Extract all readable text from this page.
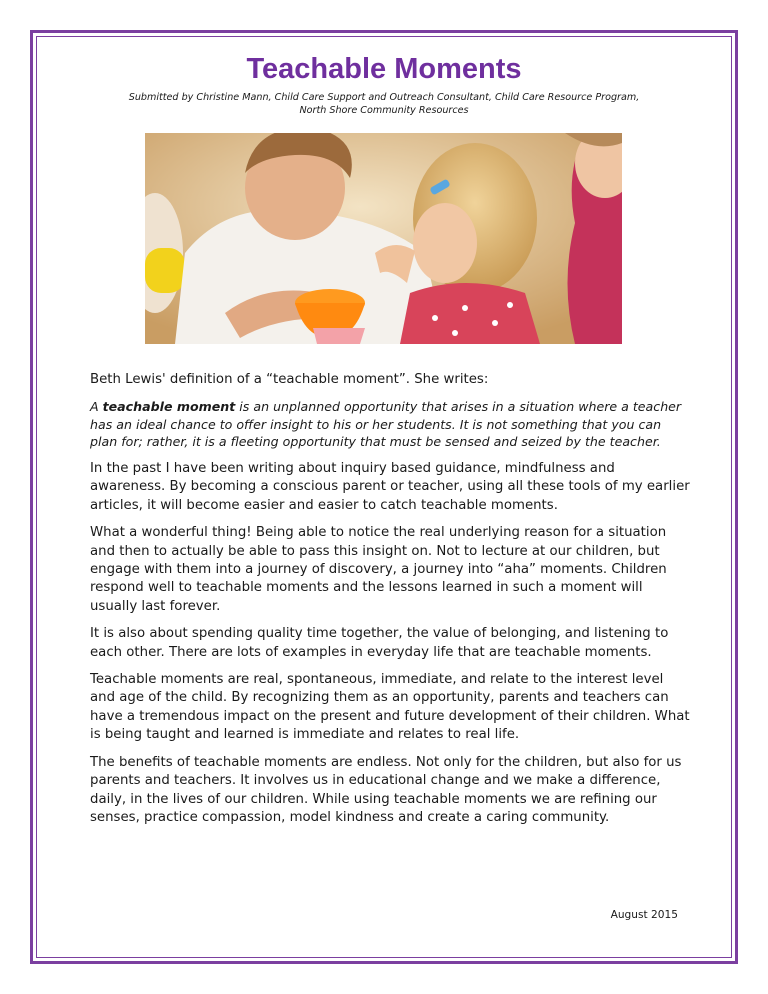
Teachable Moments
Submitted by Christine Mann, Child Care Support and Outreach Consultant, Child Care Resource Program,
North Shore Community Resources

Beth Lewis' definition of a “teachable moment”. She writes:

A teachable moment is an unplanned opportunity that arises in a situation where a teacher has an ideal chance to offer insight to his or her students. It is not something that you can plan for; rather, it is a fleeting opportunity that must be sensed and seized by the teacher.

In the past I have been writing about inquiry based guidance, mindfulness and awareness. By becoming a conscious parent or teacher, using all these tools of my earlier articles, it will become easier and easier to catch teachable moments.

What a wonderful thing! Being able to notice the real underlying reason for a situation and then to actually be able to pass this insight on. Not to lecture at our children, but engage with them into a journey of discovery, a journey into “aha” moments. Children respond well to teachable moments and the lessons learned in such a moment will usually last forever.

It is also about spending quality time together, the value of belonging, and listening to each other. There are lots of examples in everyday life that are teachable moments.

Teachable moments are real, spontaneous, immediate, and relate to the interest level and age of the child. By recognizing them as an opportunity, parents and teachers can have a tremendous impact on the present and future development of their children. What is being taught and learned is immediate and relates to real life.

The benefits of teachable moments are endless. Not only for the children, but also for us parents and teachers. It involves us in educational change and we make a difference, daily, in the lives of our children. While using teachable moments we are refining our senses, practice compassion, model kindness and create a caring community.

August 2015
